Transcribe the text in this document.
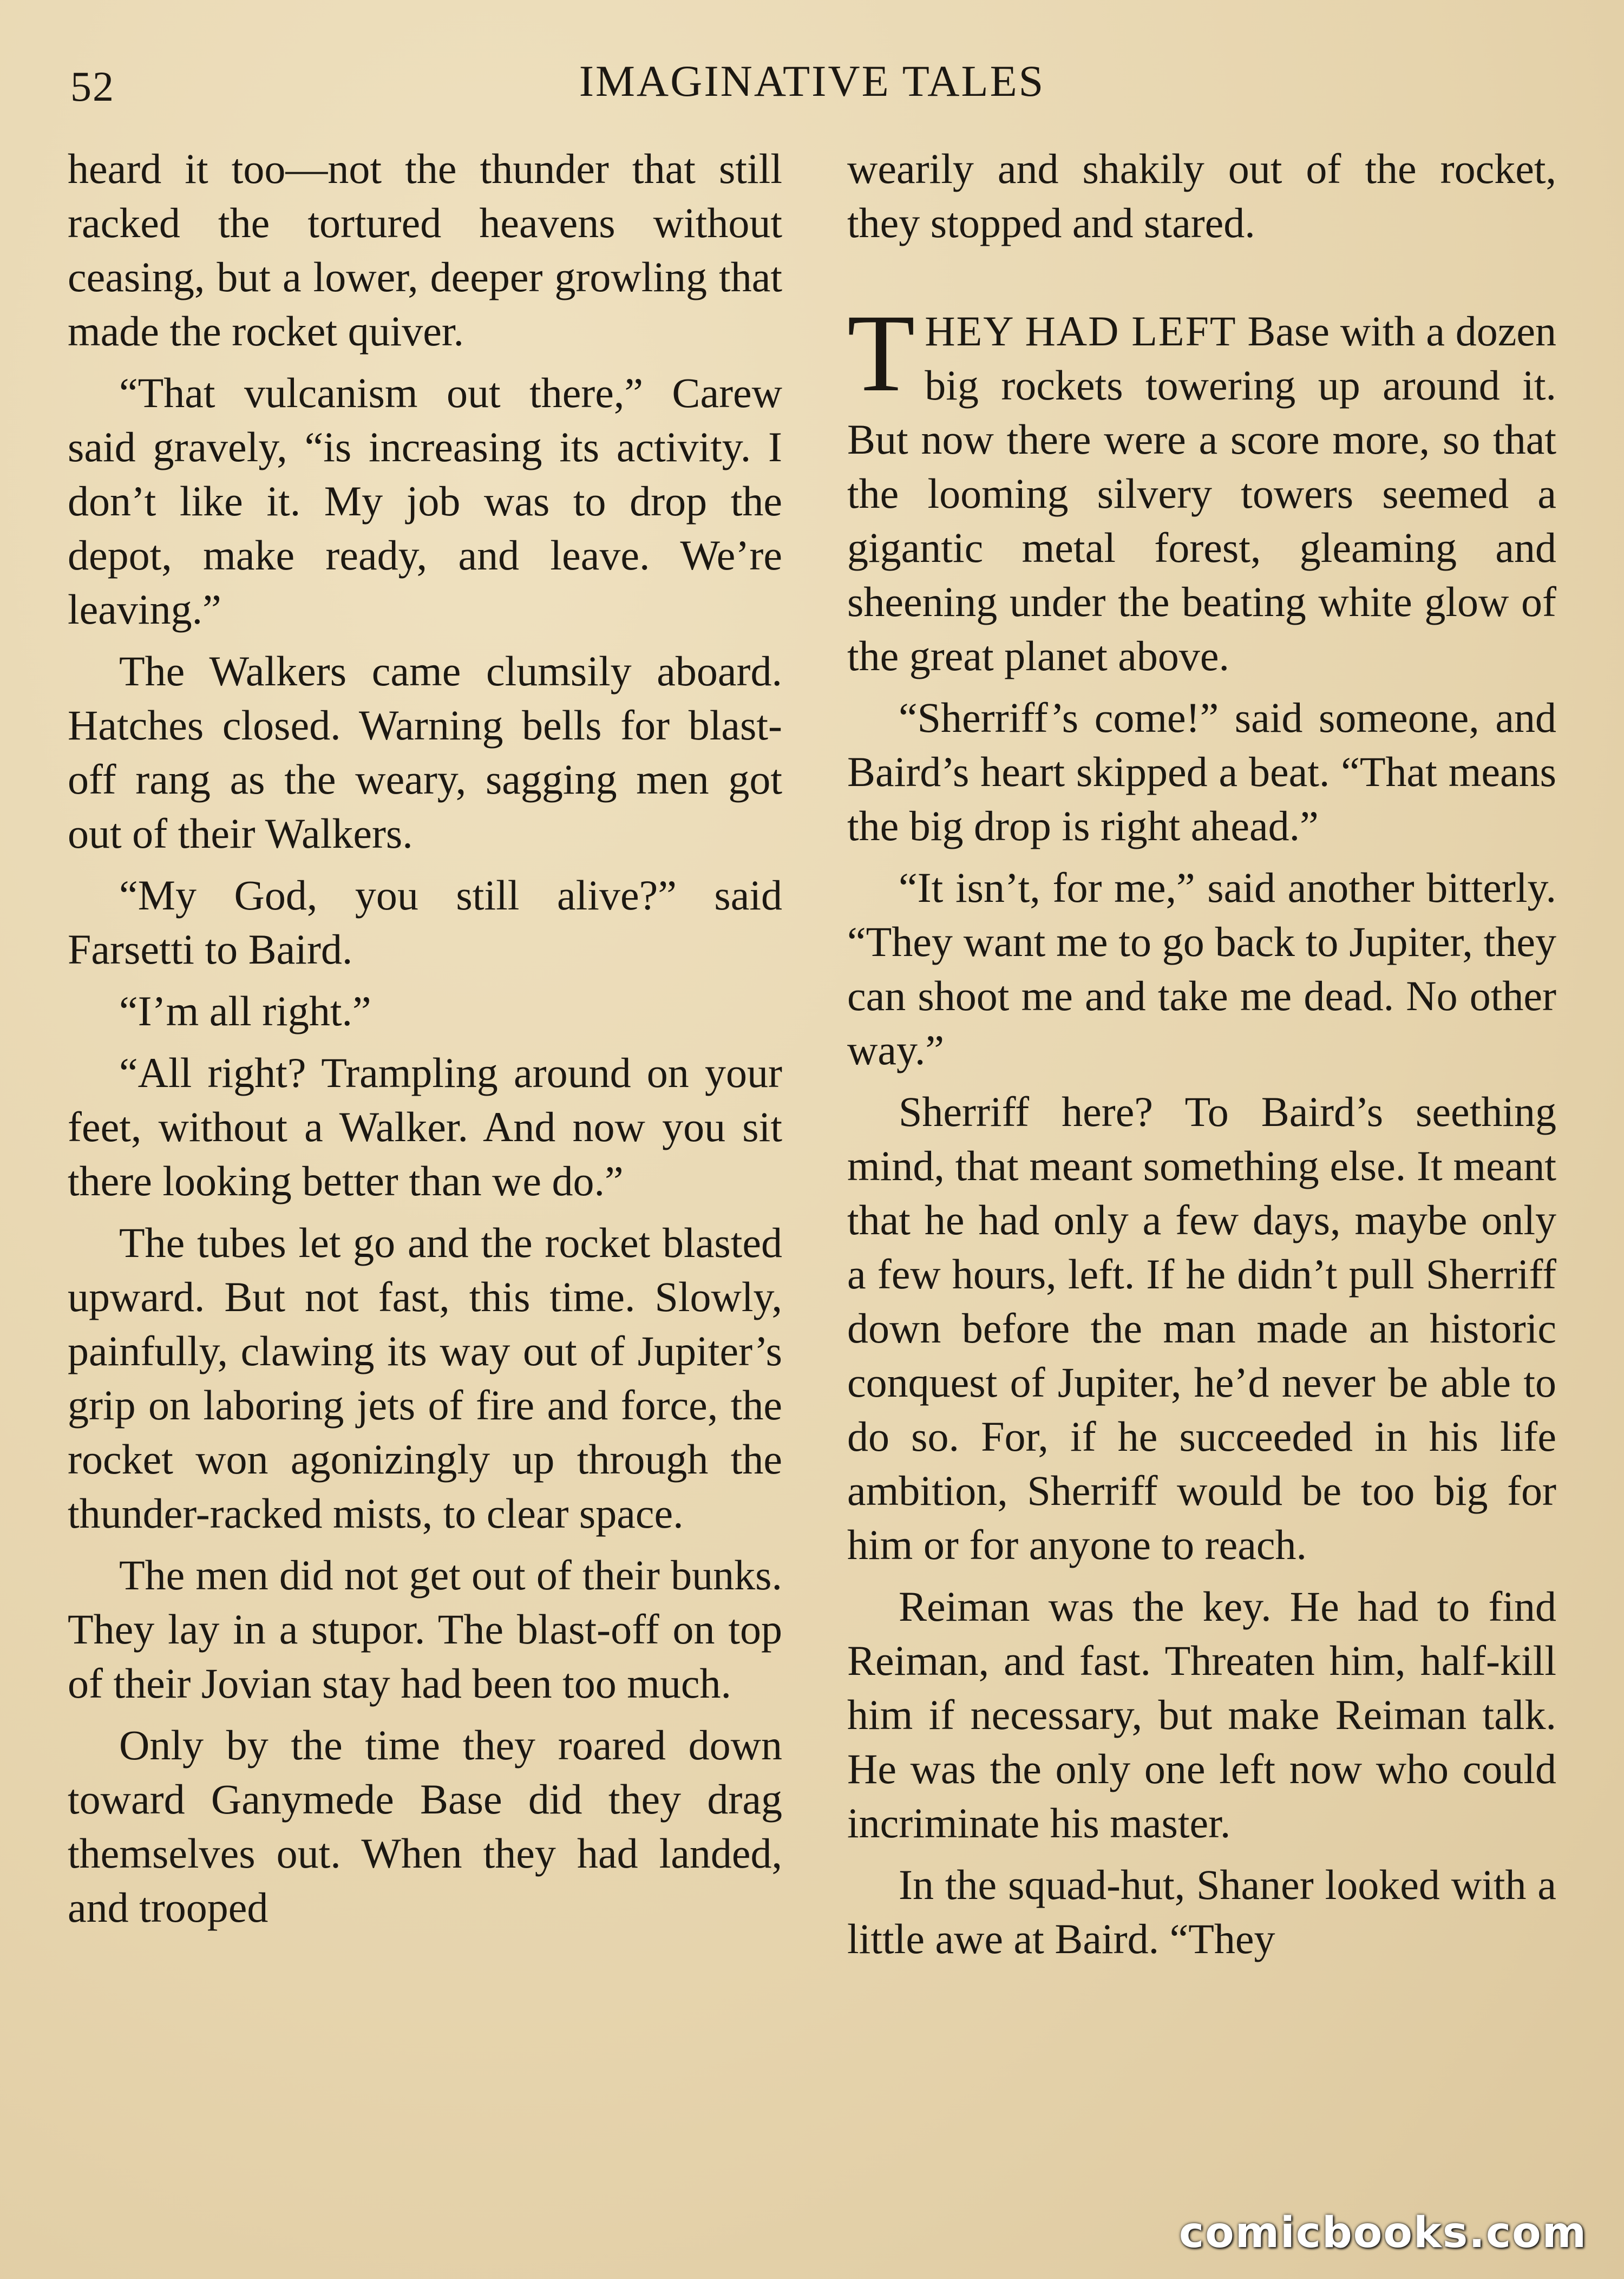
52	IMAGINATIVE TALES

heard it too—not the thunder that still racked the tortured heavens without ceasing, but a lower, deeper growling that made the rocket quiver.

“That vulcanism out there,” Carew said gravely, “is increasing its activity. I don’t like it. My job was to drop the depot, make ready, and leave. We’re leaving.”

The Walkers came clumsily aboard. Hatches closed. Warning bells for blast-off rang as the weary, sagging men got out of their Walkers.

“My God, you still alive?” said Farsetti to Baird.

“I’m all right.”

“All right? Trampling around on your feet, without a Walker. And now you sit there looking better than we do.”

The tubes let go and the rocket blasted upward. But not fast, this time. Slowly, painfully, clawing its way out of Jupiter’s grip on laboring jets of fire and force, the rocket won agonizingly up through the thunder-racked mists, to clear space.

The men did not get out of their bunks. They lay in a stupor. The blast-off on top of their Jovian stay had been too much.

Only by the time they roared down toward Ganymede Base did they drag themselves out. When they had landed, and trooped

wearily and shakily out of the rocket, they stopped and stared.

THEY HAD LEFT Base with a dozen big rockets towering up around it. But now there were a score more, so that the looming silvery towers seemed a gigantic metal forest, gleaming and sheening under the beating white glow of the great planet above.

“Sherriff’s come!” said someone, and Baird’s heart skipped a beat. “That means the big drop is right ahead.”

“It isn’t, for me,” said another bitterly. “They want me to go back to Jupiter, they can shoot me and take me dead. No other way.”

Sherriff here? To Baird’s seething mind, that meant something else. It meant that he had only a few days, maybe only a few hours, left. If he didn’t pull Sherriff down before the man made an historic conquest of Jupiter, he’d never be able to do so. For, if he succeeded in his life ambition, Sherriff would be too big for him or for anyone to reach.

Reiman was the key. He had to find Reiman, and fast. Threaten him, half-kill him if necessary, but make Reiman talk. He was the only one left now who could incriminate his master.

In the squad-hut, Shaner looked with a little awe at Baird. “They

comicbooks.com
